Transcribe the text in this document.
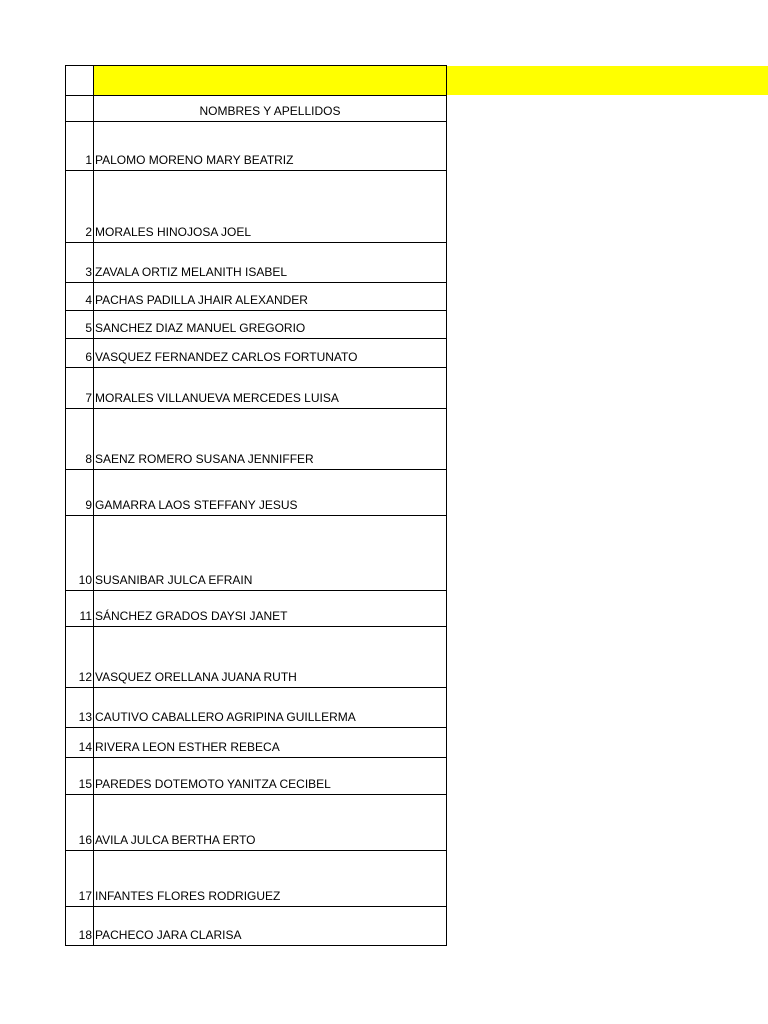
	NOMBRES Y APELLIDOS
1	PALOMO MORENO MARY BEATRIZ
2	MORALES HINOJOSA JOEL
3	ZAVALA ORTIZ MELANITH ISABEL
4	PACHAS PADILLA JHAIR ALEXANDER
5	SANCHEZ DIAZ MANUEL GREGORIO
6	VASQUEZ FERNANDEZ CARLOS FORTUNATO
7	MORALES VILLANUEVA MERCEDES LUISA
8	SAENZ ROMERO SUSANA JENNIFFER
9	GAMARRA LAOS STEFFANY JESUS
10	SUSANIBAR JULCA EFRAIN
11	SÁNCHEZ GRADOS DAYSI JANET
12	VASQUEZ ORELLANA JUANA RUTH
13	CAUTIVO CABALLERO AGRIPINA GUILLERMA
14	RIVERA LEON ESTHER REBECA
15	PAREDES DOTEMOTO YANITZA CECIBEL
16	AVILA JULCA BERTHA ERTO
17	INFANTES FLORES RODRIGUEZ
18	PACHECO JARA CLARISA
